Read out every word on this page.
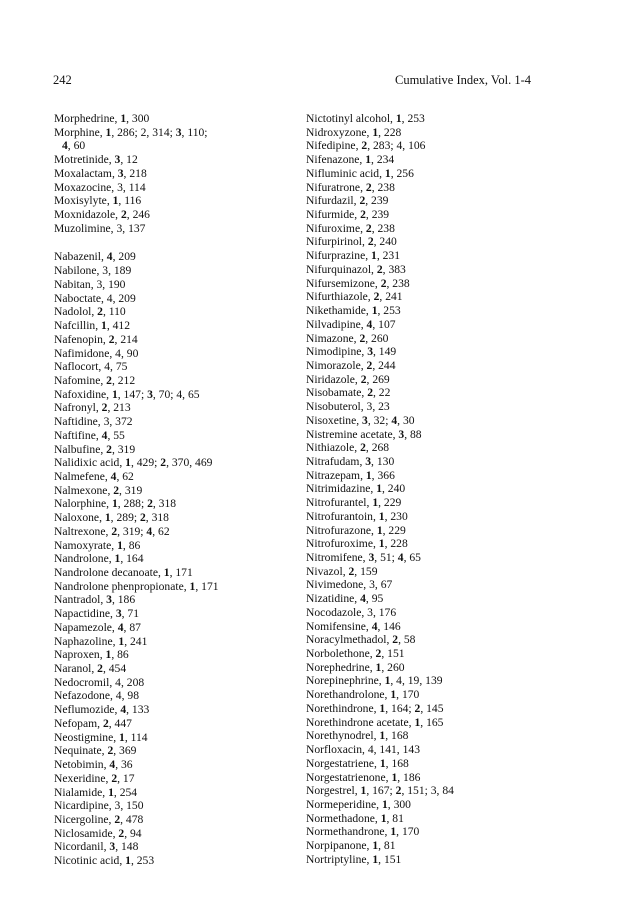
242	Cumulative Index, Vol. 1-4
Morphedrine, 1, 300
Morphine, 1, 286; 2, 314; 3, 110;
4, 60
Motretinide, 3, 12
Moxalactam, 3, 218
Moxazocine, 3, 114
Moxisylyte, 1, 116
Moxnidazole, 2, 246
Muzolimine, 3, 137
Nabazenil, 4, 209
Nabilone, 3, 189
Nabitan, 3, 190
Naboctate, 4, 209
Nadolol, 2, 110
Nafcillin, 1, 412
Nafenopin, 2, 214
Nafimidone, 4, 90
Naflocort, 4, 75
Nafomine, 2, 212
Nafoxidine, 1, 147; 3, 70; 4, 65
Nafronyl, 2, 213
Naftidine, 3, 372
Naftifine, 4, 55
Nalbufine, 2, 319
Nalidixic acid, 1, 429; 2, 370, 469
Nalmefene, 4, 62
Nalmexone, 2, 319
Nalorphine, 1, 288; 2, 318
Naloxone, 1, 289; 2, 318
Naltrexone, 2, 319; 4, 62
Namoxyrate, 1, 86
Nandrolone, 1, 164
Nandrolone decanoate, 1, 171
Nandrolone phenpropionate, 1, 171
Nantradol, 3, 186
Napactidine, 3, 71
Napamezole, 4, 87
Naphazoline, 1, 241
Naproxen, 1, 86
Naranol, 2, 454
Nedocromil, 4, 208
Nefazodone, 4, 98
Neflumozide, 4, 133
Nefopam, 2, 447
Neostigmine, 1, 114
Nequinate, 2, 369
Netobimin, 4, 36
Nexeridine, 2, 17
Nialamide, 1, 254
Nicardipine, 3, 150
Nicergoline, 2, 478
Niclosamide, 2, 94
Nicordanil, 3, 148
Nicotinic acid, 1, 253
Nictotinyl alcohol, 1, 253
Nidroxyzone, 1, 228
Nifedipine, 2, 283; 4, 106
Nifenazone, 1, 234
Nifluminic acid, 1, 256
Nifuratrone, 2, 238
Nifurdazil, 2, 239
Nifurmide, 2, 239
Nifuroxime, 2, 238
Nifurpirinol, 2, 240
Nifurprazine, 1, 231
Nifurquinazol, 2, 383
Nifursemizone, 2, 238
Nifurthiazole, 2, 241
Nikethamide, 1, 253
Nilvadipine, 4, 107
Nimazone, 2, 260
Nimodipine, 3, 149
Nimorazole, 2, 244
Niridazole, 2, 269
Nisobamate, 2, 22
Nisobuterol, 3, 23
Nisoxetine, 3, 32; 4, 30
Nistremine acetate, 3, 88
Nithiazole, 2, 268
Nitrafudam, 3, 130
Nitrazepam, 1, 366
Nitrimidazine, 1, 240
Nitrofurantel, 1, 229
Nitrofurantoin, 1, 230
Nitrofurazone, 1, 229
Nitrofuroxime, 1, 228
Nitromifene, 3, 51; 4, 65
Nivazol, 2, 159
Nivimedone, 3, 67
Nizatidine, 4, 95
Nocodazole, 3, 176
Nomifensine, 4, 146
Noracylmethadol, 2, 58
Norbolethone, 2, 151
Norephedrine, 1, 260
Norepinephrine, 1, 4, 19, 139
Norethandrolone, 1, 170
Norethindrone, 1, 164; 2, 145
Norethindrone acetate, 1, 165
Norethynodrel, 1, 168
Norfloxacin, 4, 141, 143
Norgestatriene, 1, 168
Norgestatrienone, 1, 186
Norgestrel, 1, 167; 2, 151; 3, 84
Normeperidine, 1, 300
Normethadone, 1, 81
Normethandrone, 1, 170
Norpipanone, 1, 81
Nortriptyline, 1, 151
